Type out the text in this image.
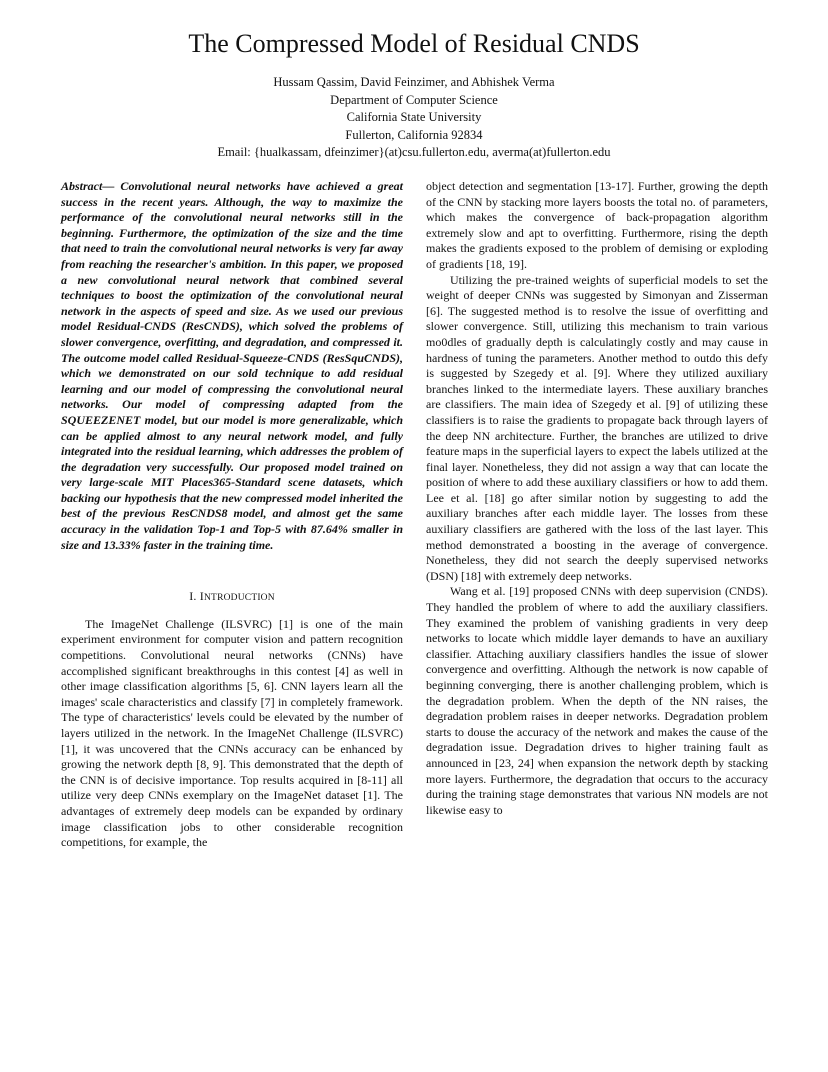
The Compressed Model of Residual CNDS
Hussam Qassim, David Feinzimer, and Abhishek Verma
Department of Computer Science
California State University
Fullerton, California 92834
Email: {hualkassam, dfeinzimer}(at)csu.fullerton.edu, averma(at)fullerton.edu

Abstract— Convolutional neural networks have achieved a great success in the recent years. Although, the way to maximize the performance of the convolutional neural networks still in the beginning. Furthermore, the optimization of the size and the time that need to train the convolutional neural networks is very far away from reaching the researcher's ambition. In this paper, we proposed a new convolutional neural network that combined several techniques to boost the optimization of the convolutional neural network in the aspects of speed and size. As we used our previous model Residual-CNDS (ResCNDS), which solved the problems of slower convergence, overfitting, and degradation, and compressed it. The outcome model called Residual-Squeeze-CNDS (ResSquCNDS), which we demonstrated on our sold technique to add residual learning and our model of compressing the convolutional neural networks. Our model of compressing adapted from the SQUEEZENET model, but our model is more generalizable, which can be applied almost to any neural network model, and fully integrated into the residual learning, which addresses the problem of the degradation very successfully. Our proposed model trained on very large-scale MIT Places365-Standard scene datasets, which backing our hypothesis that the new compressed model inherited the best of the previous ResCNDS8 model, and almost get the same accuracy in the validation Top-1 and Top-5 with 87.64% smaller in size and 13.33% faster in the training time.

I. INTRODUCTION

The ImageNet Challenge (ILSVRC) [1] is one of the main experiment environment for computer vision and pattern recognition competitions. Convolutional neural networks (CNNs) have accomplished significant breakthroughs in this contest [4] as well in other image classification algorithms [5, 6]. CNN layers learn all the images' scale characteristics and classify [7] in completely framework. The type of characteristics' levels could be elevated by the number of layers utilized in the network. In the ImageNet Challenge (ILSVRC) [1], it was uncovered that the CNNs accuracy can be enhanced by growing the network depth [8, 9]. This demonstrated that the depth of the CNN is of decisive importance. Top results acquired in [8-11] all utilize very deep CNNs exemplary on the ImageNet dataset [1]. The advantages of extremely deep models can be expanded by ordinary image classification jobs to other considerable recognition competitions, for example, the

object detection and segmentation [13-17]. Further, growing the depth of the CNN by stacking more layers boosts the total no. of parameters, which makes the convergence of back-propagation algorithm extremely slow and apt to overfitting. Furthermore, rising the depth makes the gradients exposed to the problem of demising or exploding of gradients [18, 19].

Utilizing the pre-trained weights of superficial models to set the weight of deeper CNNs was suggested by Simonyan and Zisserman [6]. The suggested method is to resolve the issue of overfitting and slower convergence. Still, utilizing this mechanism to train various mo0dles of gradually depth is calculatingly costly and may cause in hardness of tuning the parameters. Another method to outdo this defy is suggested by Szegedy et al. [9]. Where they utilized auxiliary branches linked to the intermediate layers. These auxiliary branches are classifiers. The main idea of Szegedy et al. [9] of utilizing these classifiers is to raise the gradients to propagate back through layers of the deep NN architecture. Further, the branches are utilized to drive feature maps in the superficial layers to expect the labels utilized at the final layer. Nonetheless, they did not assign a way that can locate the position of where to add these auxiliary classifiers or how to add them. Lee et al. [18] go after similar notion by suggesting to add the auxiliary branches after each middle layer. The losses from these auxiliary classifiers are gathered with the loss of the last layer. This method demonstrated a boosting in the average of convergence. Nonetheless, they did not search the deeply supervised networks (DSN) [18] with extremely deep networks.

Wang et al. [19] proposed CNNs with deep supervision (CNDS). They handled the problem of where to add the auxiliary classifiers. They examined the problem of vanishing gradients in very deep networks to locate which middle layer demands to have an auxiliary classifier. Attaching auxiliary classifiers handles the issue of slower convergence and overfitting. Although the network is now capable of beginning converging, there is another challenging problem, which is the degradation problem. When the depth of the NN raises, the degradation problem raises in deeper networks. Degradation problem starts to douse the accuracy of the network and makes the cause of the degradation issue. Degradation drives to higher training fault as announced in [23, 24] when expansion the network depth by stacking more layers. Furthermore, the degradation that occurs to the accuracy during the training stage demonstrates that various NN models are not likewise easy to
